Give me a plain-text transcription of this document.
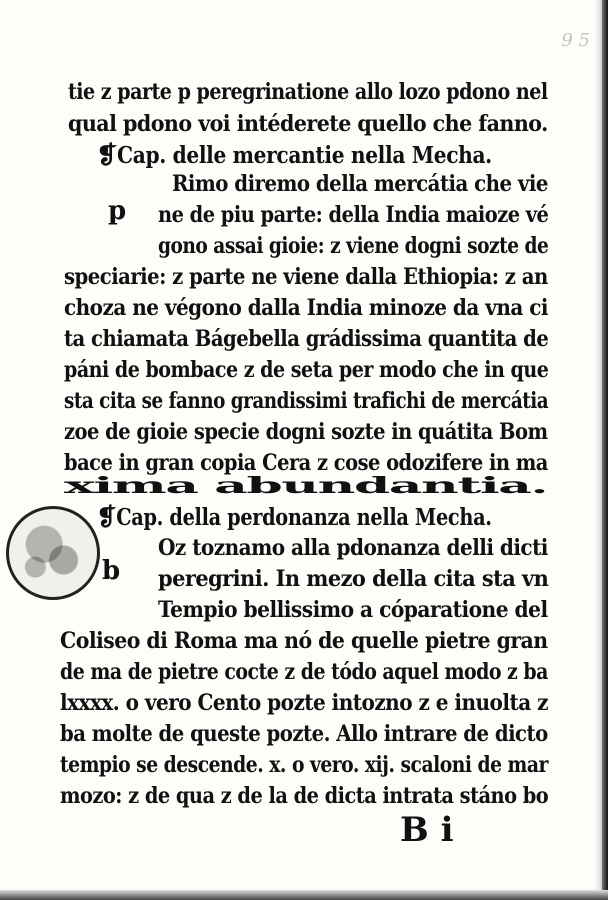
9 5
tie z parte p peregrinatione allo lozo pdono nel
qual pdono voi intéderete quello che fanno.
❡Cap. delle mercantie nella Mecha.
p
Rimo diremo della mercátia che vie
ne de piu parte: della India maioze vé
gono assai gioie: z viene dogni sozte de
speciarie: z parte ne viene dalla Ethiopia: z an
choza ne végono dalla India minoze da vna ci
ta chiamata Bágebella grádissima quantita de
páni de bombace z de seta per modo che in que
sta cita se fanno grandissimi trafichi de mercátia
zoe de gioie specie dogni sozte in quátita Bom
bace in gran copia Cera z cose odozifere in ma
xima abundantia.
❡Cap. della perdonanza nella Mecha.
b
Oz toznamo alla pdonanza delli dicti
peregrini. In mezo della cita sta vn
Tempio bellissimo a cóparatione del
Coliseo di Roma ma nó de quelle pietre gran
de ma de pietre cocte z de tódo aquel modo z ba
lxxxx. o vero Cento pozte intozno z e inuolta z
ba molte de queste pozte. Allo intrare de dicto
tempio se descende. x. o vero. xij. scaloni de mar
mozo: z de qua z de la de dicta intrata stáno bo
B i
